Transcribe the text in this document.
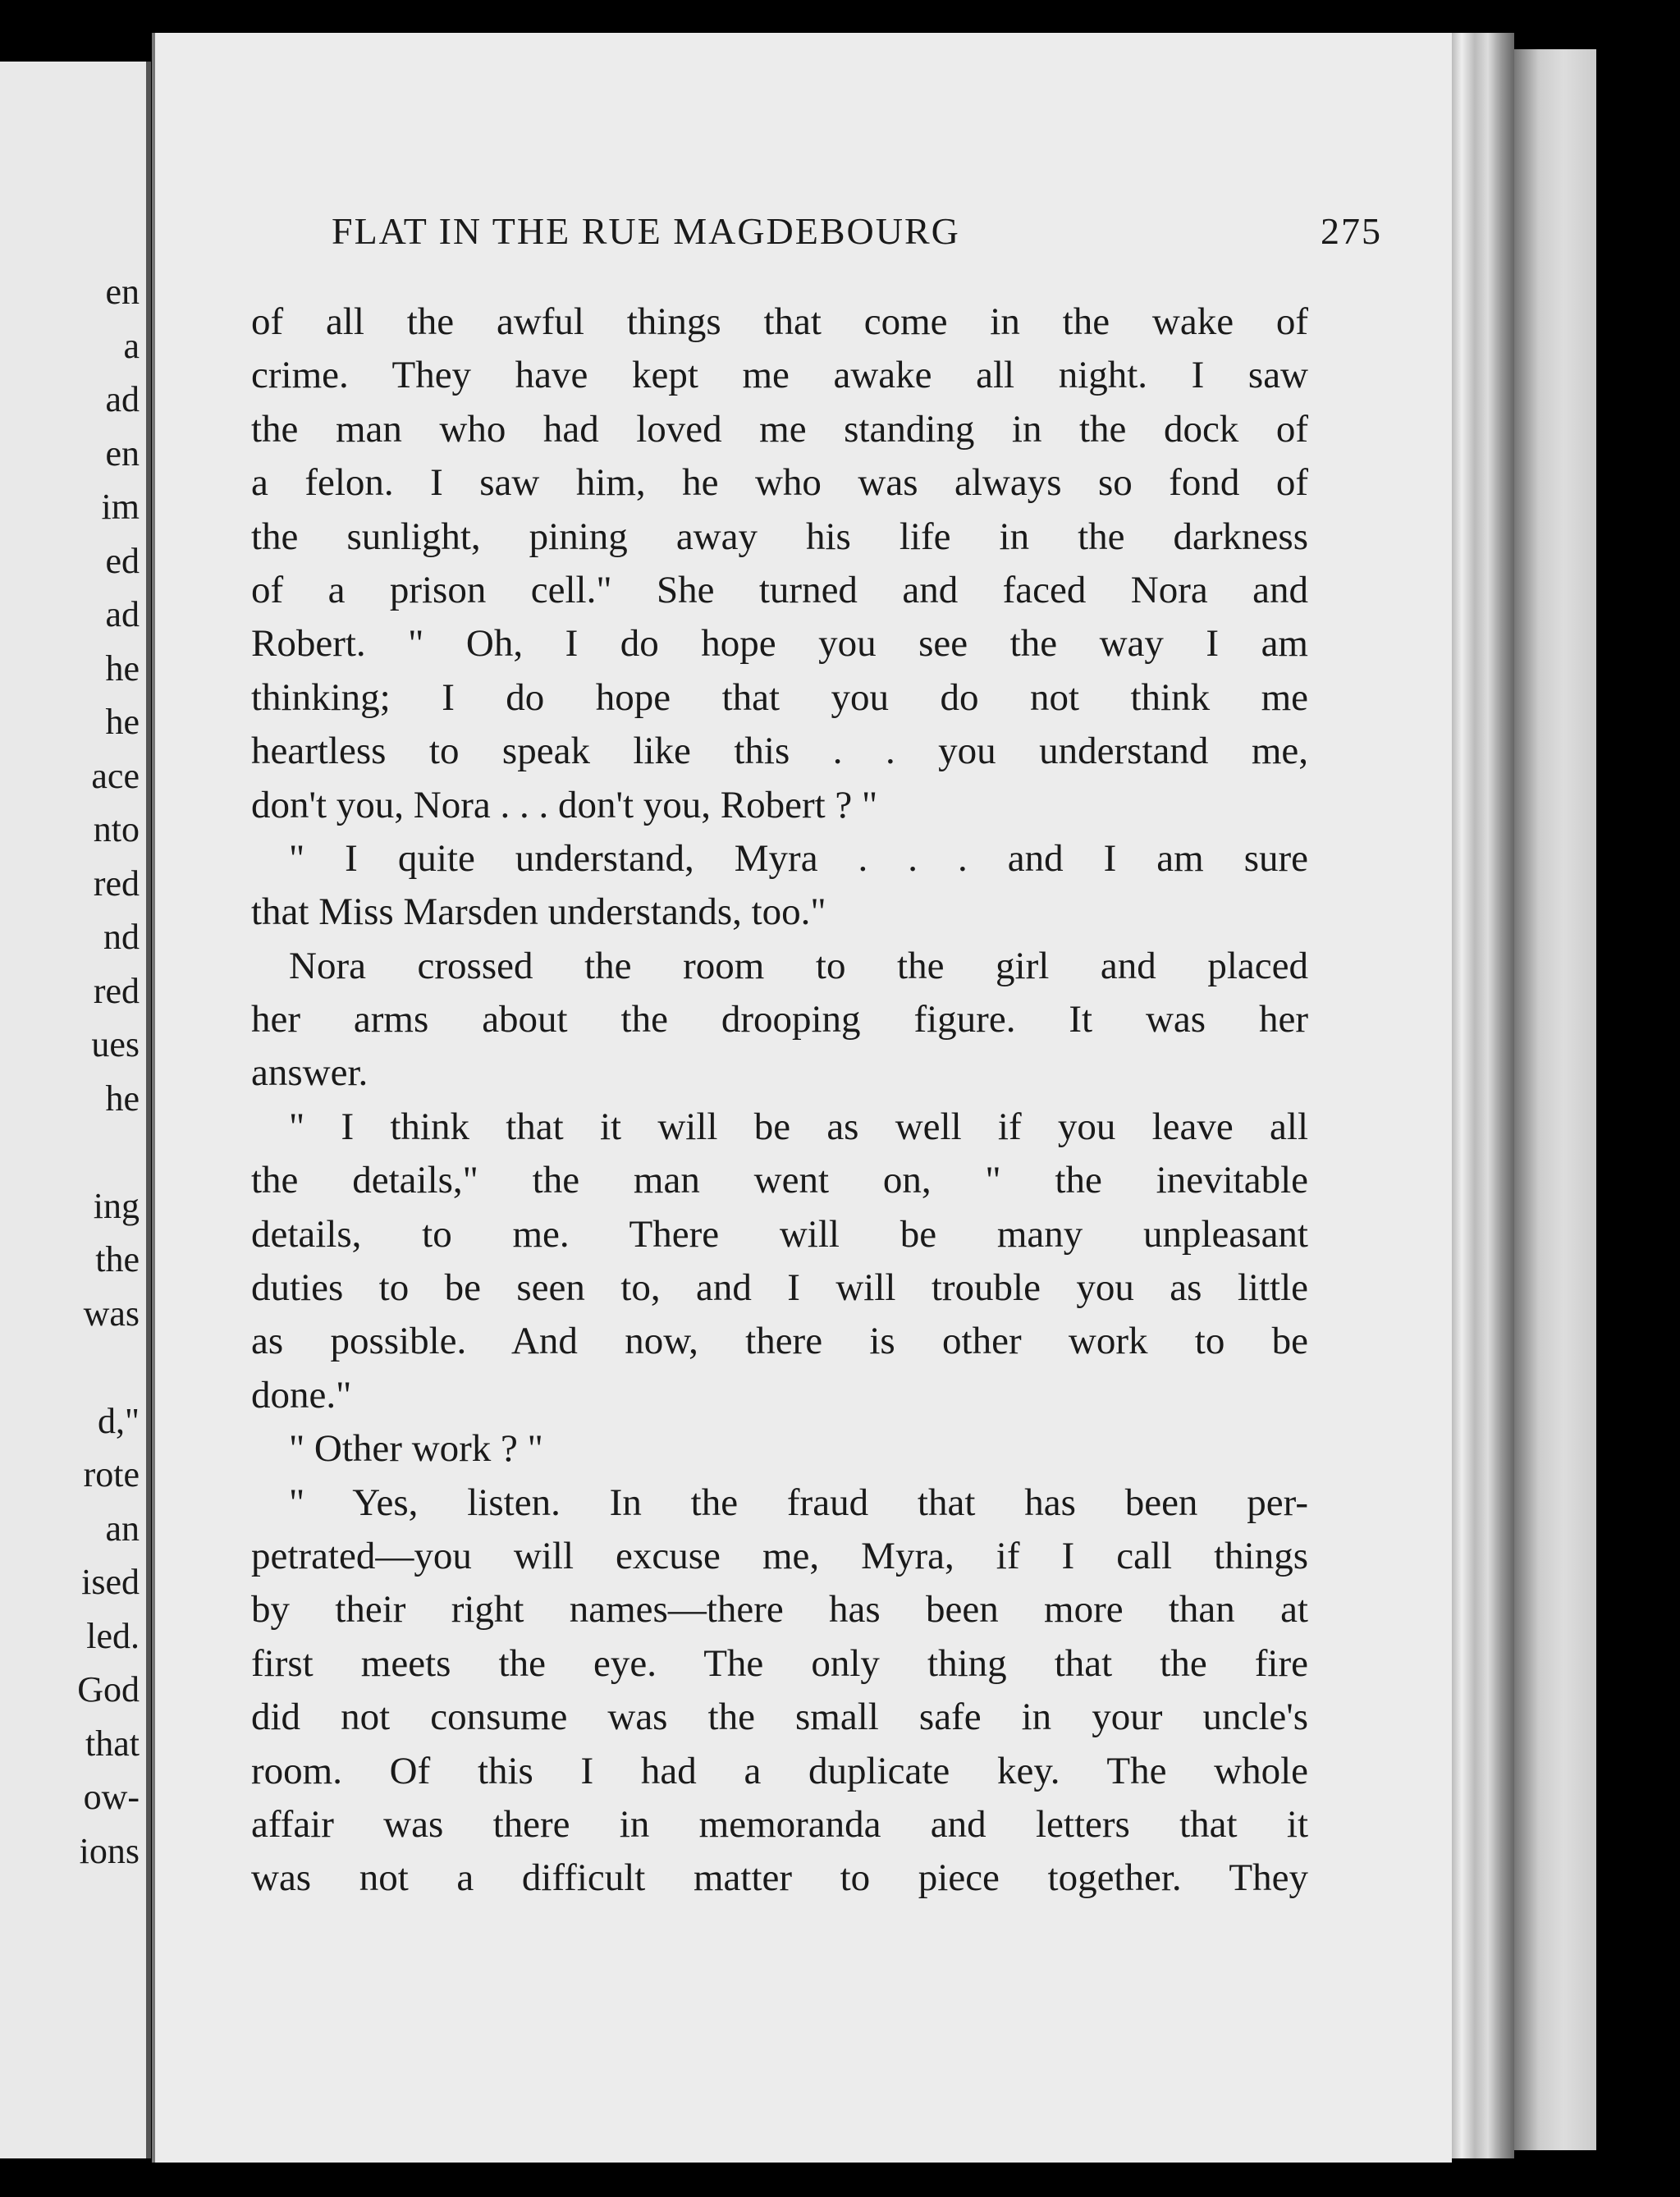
en
a
ad
en
im
ed
ad
he
he
ace
nto
red
nd
red
ues
he
ing
the
was
d,"
rote
an
ised
led.
God
that
ow-
ions
FLAT IN THE RUE MAGDEBOURG	275
of all the awful things that come in the wake of
crime. They have kept me awake all night. I saw
the man who had loved me standing in the dock of
a felon. I saw him, he who was always so fond of
the sunlight, pining away his life in the darkness
of a prison cell." She turned and faced Nora and
Robert. " Oh, I do hope you see the way I am
thinking; I do hope that you do not think me
heartless to speak like this . . you understand me,
don't you, Nora . . . don't you, Robert ? "
" I quite understand, Myra . . . and I am sure
that Miss Marsden understands, too."
Nora crossed the room to the girl and placed
her arms about the drooping figure. It was her
answer.
" I think that it will be as well if you leave all
the details," the man went on, " the inevitable
details, to me. There will be many unpleasant
duties to be seen to, and I will trouble you as little
as possible. And now, there is other work to be
done."
" Other work ? "
" Yes, listen. In the fraud that has been per-
petrated—you will excuse me, Myra, if I call things
by their right names—there has been more than at
first meets the eye. The only thing that the fire
did not consume was the small safe in your uncle's
room. Of this I had a duplicate key. The whole
affair was there in memoranda and letters that it
was not a difficult matter to piece together. They
